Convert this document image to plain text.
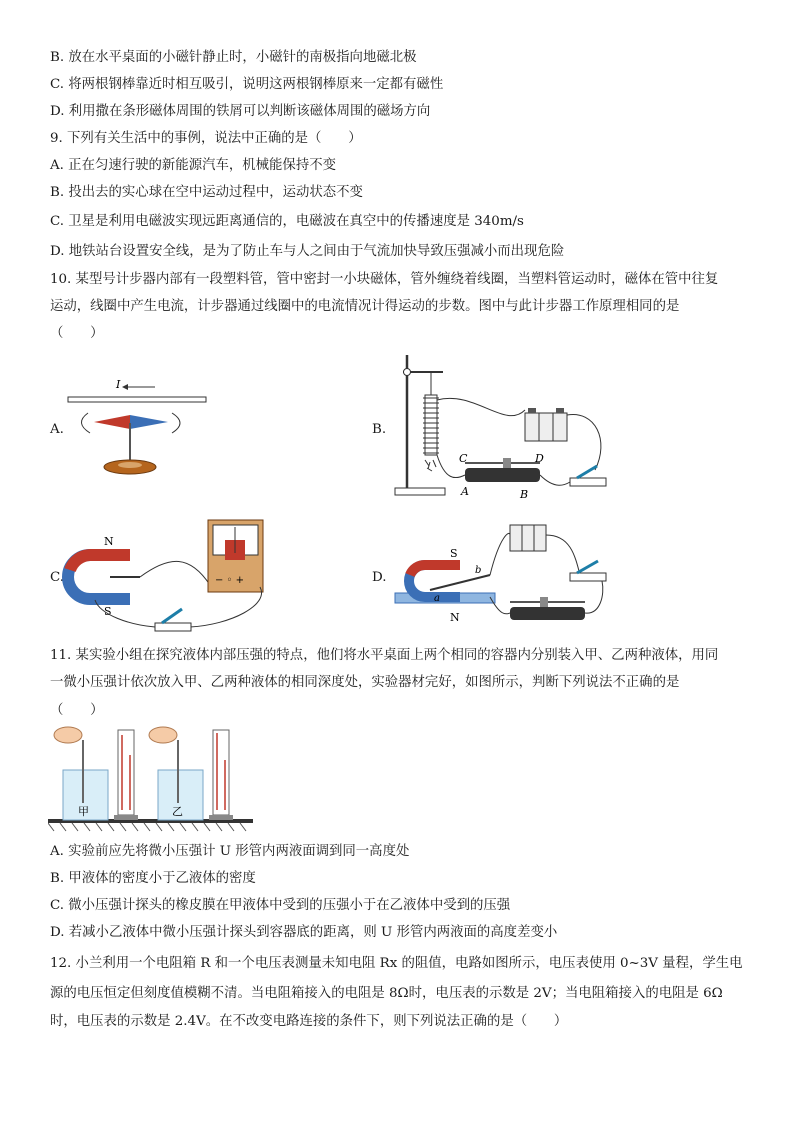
B. 放在水平桌面的小磁针静止时，小磁针的南极指向地磁北极
C. 将两根钢棒靠近时相互吸引，说明这两根钢棒原来一定都有磁性
D. 利用撒在条形磁体周围的铁屑可以判断该磁体周围的磁场方向
9. 下列有关生活中的事例，说法中正确的是（　　）
A. 正在匀速行驶的新能源汽车，机械能保持不变
B. 投出去的实心球在空中运动过程中，运动状态不变
C. 卫星是利用电磁波实现远距离通信的，电磁波在真空中的传播速度是 340m/s
D. 地铁站台设置安全线，是为了防止车与人之间由于气流加快导致压强减小而出现危险
10. 某型号计步器内部有一段塑料管，管中密封一小块磁体，管外缠绕着线圈，当塑料管运动时，磁体在管中往复
运动，线圈中产生电流，计步器通过线圈中的电流情况计得运动的步数。图中与此计步器工作原理相同的是
（　　）
A.
I
B.
C	D
A	B
C.
N
S
− ◦ +	D.
S
N
a
b
11. 某实验小组在探究液体内部压强的特点，他们将水平桌面上两个相同的容器内分别装入甲、乙两种液体，用同
一微小压强计依次放入甲、乙两种液体的相同深度处，实验器材完好，如图所示，判断下列说法不正确的是
（　　）
甲	乙
A. 实验前应先将微小压强计 U 形管内两液面调到同一高度处
B. 甲液体的密度小于乙液体的密度
C. 微小压强计探头的橡皮膜在甲液体中受到的压强小于在乙液体中受到的压强
D. 若减小乙液体中微小压强计探头到容器底的距离，则 U 形管内两液面的高度差变小
12. 小兰利用一个电阻箱 R 和一个电压表测量未知电阻 Rx 的阻值，电路如图所示，电压表使用 0~3V 量程，学生电
源的电压恒定但刻度值模糊不清。当电阻箱接入的电阻是 8Ω时，电压表的示数是 2V；当电阻箱接入的电阻是 6Ω
时，电压表的示数是 2.4V。在不改变电路连接的条件下，则下列说法正确的是（　　）
